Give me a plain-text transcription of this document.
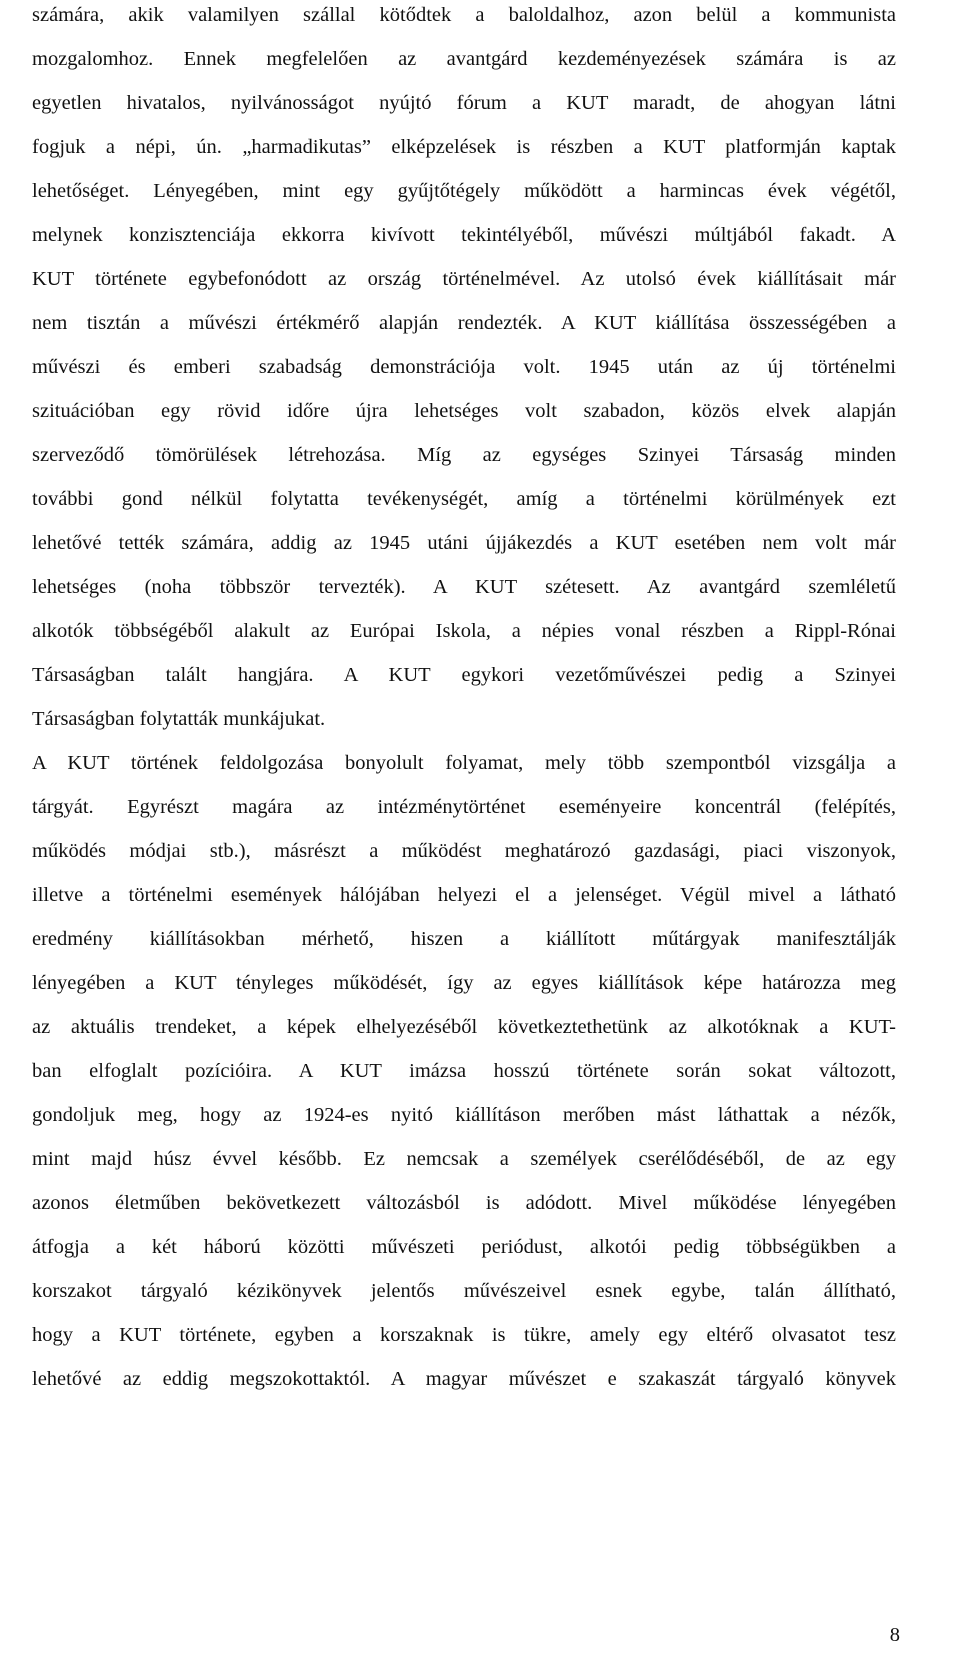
számára, akik valamilyen szállal kötődtek a baloldalhoz, azon belül a kommunista
mozgalomhoz. Ennek megfelelően az avantgárd kezdeményezések számára is az
egyetlen hivatalos, nyilvánosságot nyújtó fórum a KUT maradt, de ahogyan látni
fogjuk a népi, ún. „harmadikutas” elképzelések is részben a KUT platformján kaptak
lehetőséget. Lényegében, mint egy gyűjtőtégely működött a harmincas évek végétől,
melynek konzisztenciája ekkorra kivívott tekintélyéből, művészi múltjából fakadt. A
KUT története egybefonódott az ország történelmével. Az utolsó évek kiállításait már
nem tisztán a művészi értékmérő alapján rendezték. A KUT kiállítása összességében a
művészi és emberi szabadság demonstrációja volt. 1945 után az új történelmi
szituációban egy rövid időre újra lehetséges volt szabadon, közös elvek alapján
szerveződő tömörülések létrehozása. Míg az egységes Szinyei Társaság minden
további gond nélkül folytatta tevékenységét, amíg a történelmi körülmények ezt
lehetővé tették számára, addig az 1945 utáni újjákezdés a KUT esetében nem volt már
lehetséges (noha többször tervezték). A KUT szétesett. Az avantgárd szemléletű
alkotók többségéből alakult az Európai Iskola, a népies vonal részben a Rippl-Rónai
Társaságban talált hangjára. A KUT egykori vezetőművészei pedig a Szinyei
Társaságban folytatták munkájukat.
A KUT történek feldolgozása bonyolult folyamat, mely több szempontból vizsgálja a
tárgyát. Egyrészt magára az intézménytörténet eseményeire koncentrál (felépítés,
működés módjai stb.), másrészt a működést meghatározó gazdasági, piaci viszonyok,
illetve a történelmi események hálójában helyezi el a jelenséget. Végül mivel a látható
eredmény kiállításokban mérhető, hiszen a kiállított műtárgyak manifesztálják
lényegében a KUT tényleges működését, így az egyes kiállítások képe határozza meg
az aktuális trendeket, a képek elhelyezéséből következtethetünk az alkotóknak a KUT-
ban elfoglalt pozícióira. A KUT imázsa hosszú története során sokat változott,
gondoljuk meg, hogy az 1924-es nyitó kiállításon merőben mást láthattak a nézők,
mint majd húsz évvel később. Ez nemcsak a személyek cserélődéséből, de az egy
azonos életműben bekövetkezett változásból is adódott. Mivel működése lényegében
átfogja a két háború közötti művészeti periódust, alkotói pedig többségükben a
korszakot tárgyaló kézikönyvek jelentős művészeivel esnek egybe, talán állítható,
hogy a KUT története, egyben a korszaknak is tükre, amely egy eltérő olvasatot tesz
lehetővé az eddig megszokottaktól. A magyar művészet e szakaszát tárgyaló könyvek
8
